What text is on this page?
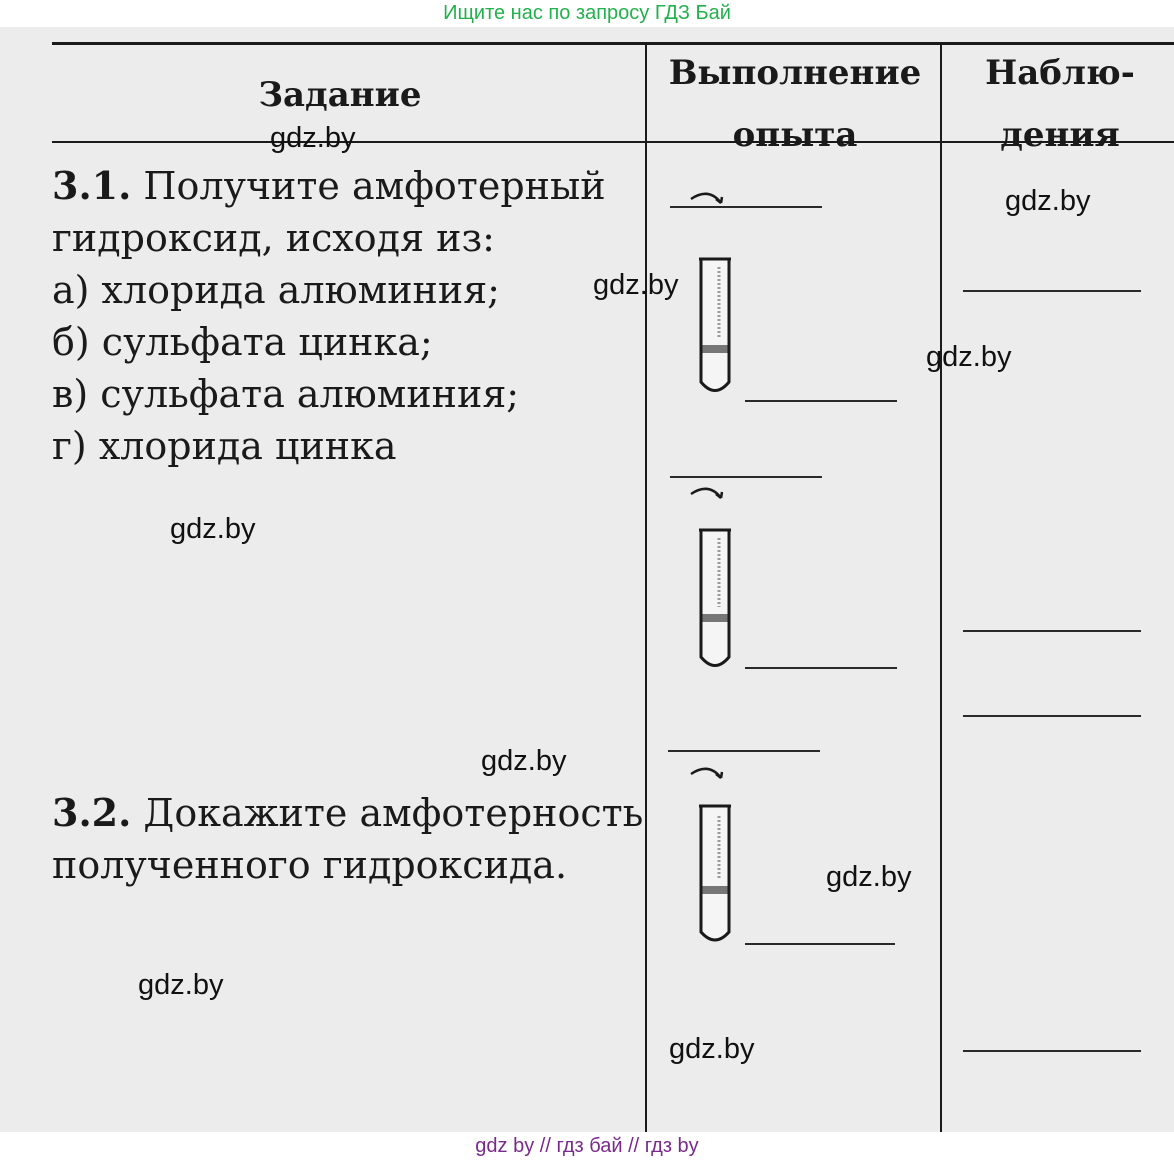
Ищите нас по запросу ГДЗ Бай
Задание
Выполнение
опыта
Наблю-
дения
3.1. Получите амфотерный
гидроксид, исходя из:
а) хлорида алюминия;
б) сульфата цинка;
в) сульфата алюминия;
г) хлорида цинка
3.2. Докажите амфотерность
полученного гидроксида.
gdz.by
gdz.by
gdz.by
gdz.by
gdz.by
gdz.by
gdz.by
gdz.by
gdz.by
gdz by // гдз бай // гдз by
